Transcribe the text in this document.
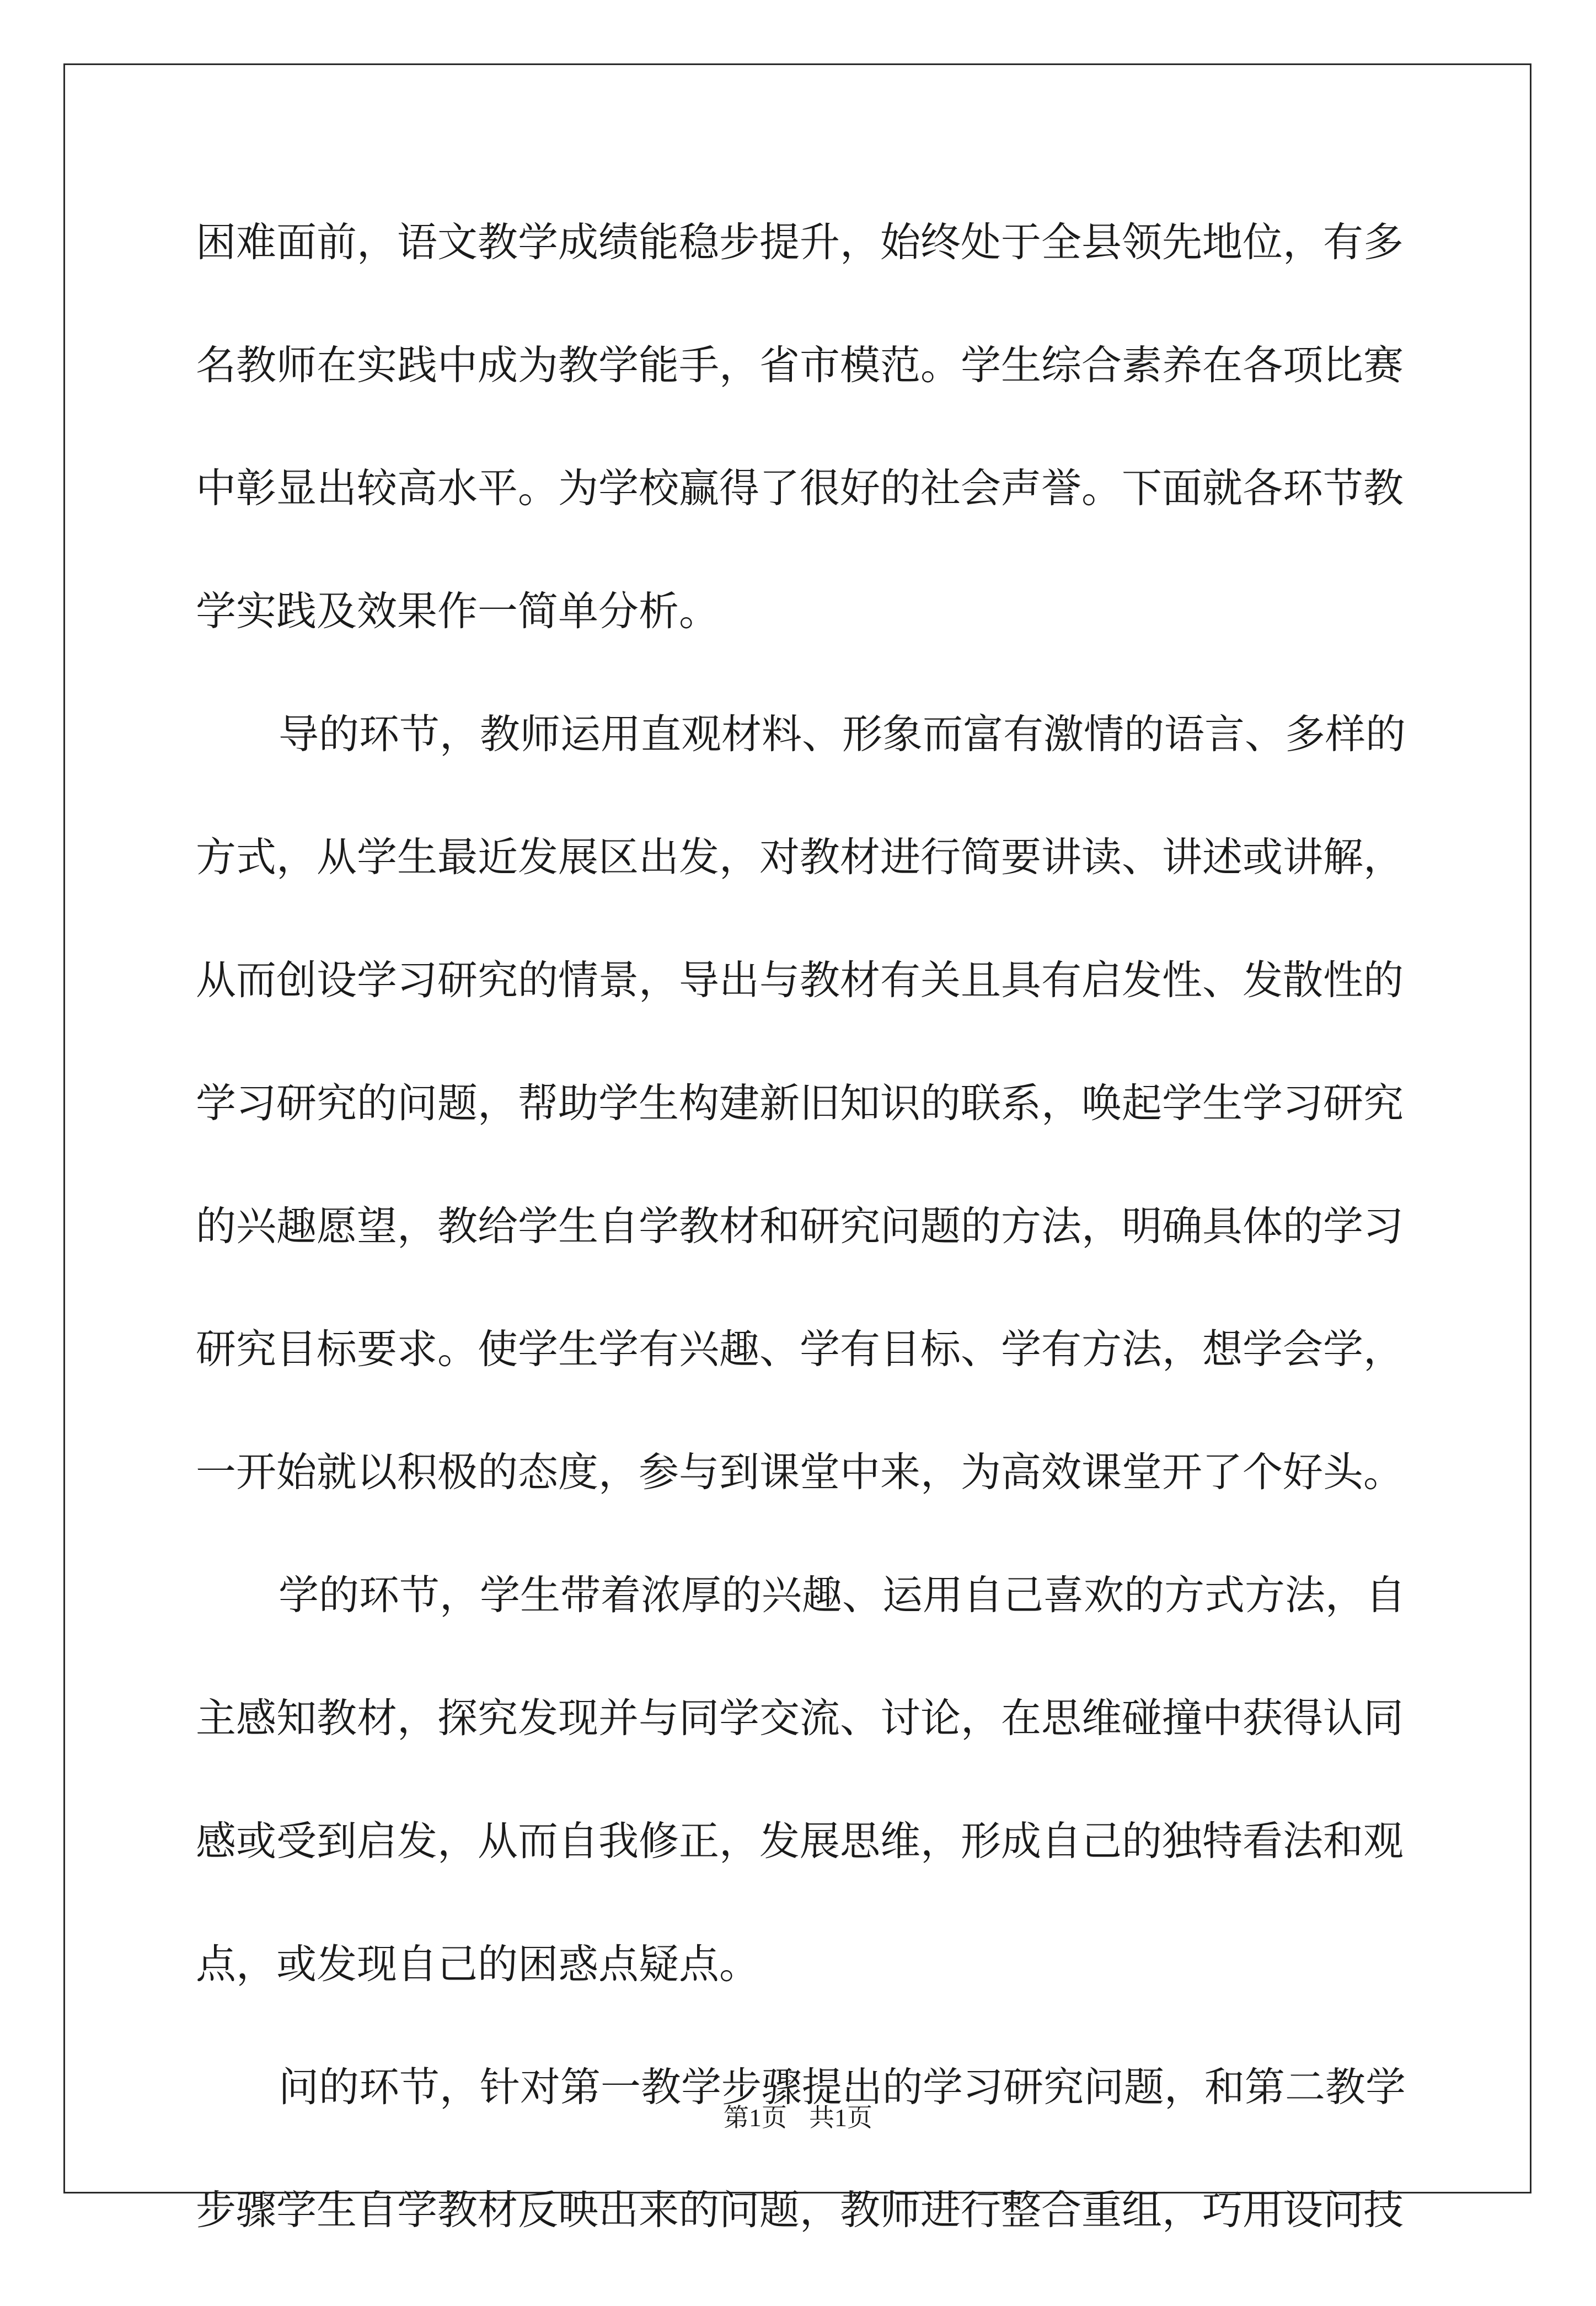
困难面前，语文教学成绩能稳步提升，始终处于全县领先地位，有多
名教师在实践中成为教学能手，省市模范。学生综合素养在各项比赛
中彰显出较高水平。为学校赢得了很好的社会声誉。下面就各环节教
学实践及效果作一简单分析。
导的环节，教师运用直观材料、形象而富有激情的语言、多样的
方式，从学生最近发展区出发，对教材进行简要讲读、讲述或讲解，
从而创设学习研究的情景，导出与教材有关且具有启发性、发散性的
学习研究的问题，帮助学生构建新旧知识的联系，唤起学生学习研究
的兴趣愿望，教给学生自学教材和研究问题的方法，明确具体的学习
研究目标要求。使学生学有兴趣、学有目标、学有方法，想学会学，
一开始就以积极的态度，参与到课堂中来，为高效课堂开了个好头。
学的环节，学生带着浓厚的兴趣、运用自己喜欢的方式方法，自
主感知教材，探究发现并与同学交流、讨论，在思维碰撞中获得认同
感或受到启发，从而自我修正，发展思维，形成自己的独特看法和观
点，或发现自己的困惑点疑点。
问的环节，针对第一教学步骤提出的学习研究问题，和第二教学
步骤学生自学教材反映出来的问题，教师进行整合重组，巧用设问技
第1页 共1页
